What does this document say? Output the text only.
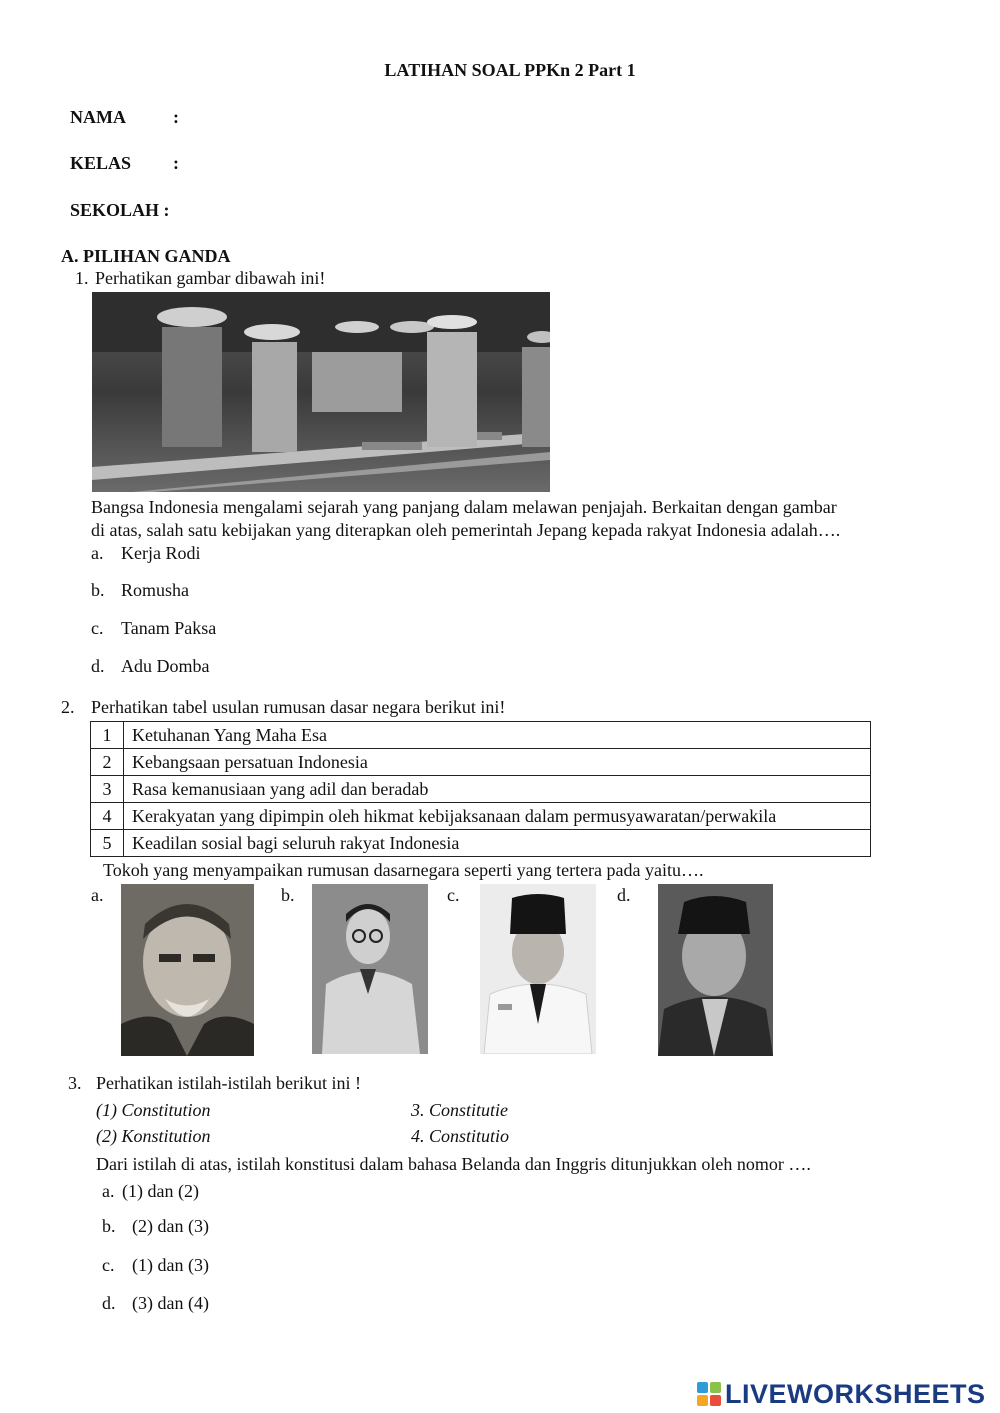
LATIHAN SOAL PPKn 2 Part 1
NAMA	:
KELAS :
SEKOLAH :
A. PILIHAN GANDA
1. Perhatikan gambar dibawah ini!
Bangsa Indonesia mengalami sejarah yang panjang dalam melawan penjajah. Berkaitan dengan gambar
di atas, salah satu kebijakan yang diterapkan oleh pemerintah Jepang kepada rakyat Indonesia adalah….
a. Kerja Rodi
b. Romusha
c. Tanam Paksa
d. Adu Domba
2. Perhatikan tabel usulan rumusan dasar negara berikut ini!
1	Ketuhanan Yang Maha Esa
2	Kebangsaan persatuan Indonesia
3	Rasa kemanusiaan yang adil dan beradab
4	Kerakyatan yang dipimpin oleh hikmat kebijaksanaan dalam permusyawaratan/perwakila
5	Keadilan sosial bagi seluruh rakyat Indonesia
Tokoh yang menyampaikan rumusan dasarnegara seperti yang tertera pada yaitu….
a.	b.	c.	d.
3. Perhatikan istilah-istilah berikut ini !
(1) Constitution	3. Constitutie
(2) Konstitution	4. Constitutio
Dari istilah di atas, istilah konstitusi dalam bahasa Belanda dan Inggris ditunjukkan oleh nomor ….
a. (1) dan (2)
b. (2) dan (3)
c. (1) dan (3)
d. (3) dan (4)
LIVEWORKSHEETS
